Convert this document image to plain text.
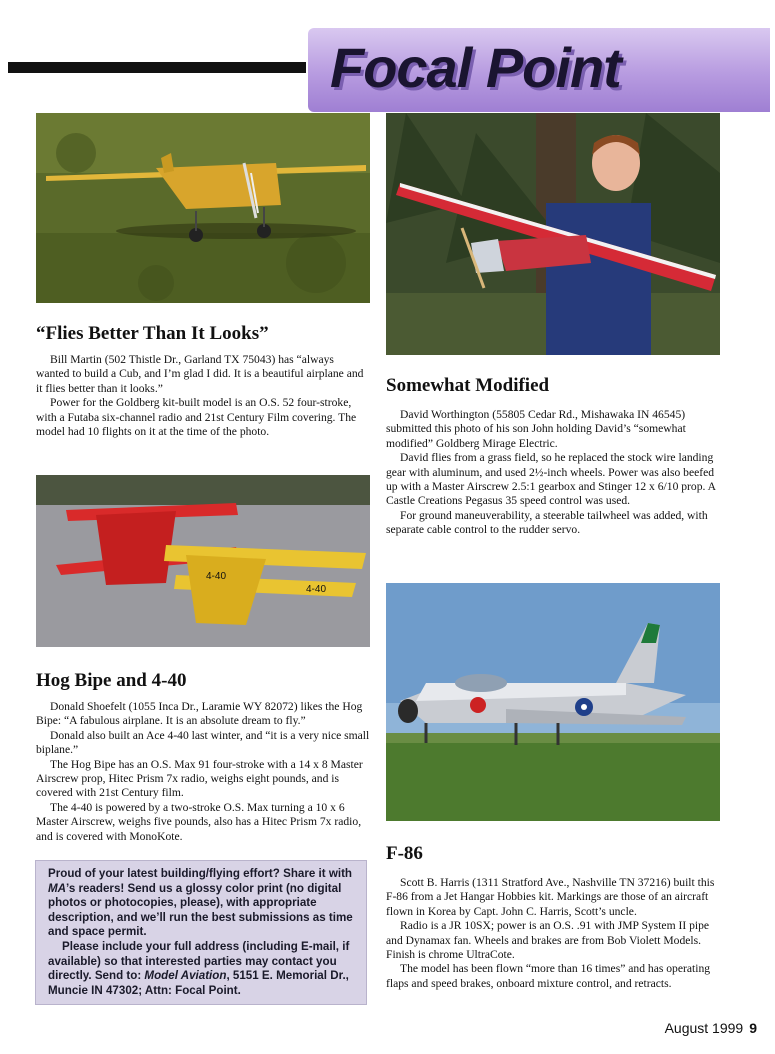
Focal Point
“Flies Better Than It Looks”

Bill Martin (502 Thistle Dr., Garland TX 75043) has “always wanted to build a Cub, and I’m glad I did. It is a beautiful airplane and it flies better than it looks.”

Power for the Goldberg kit-built model is an O.S. 52 four-stroke, with a Futaba six-channel radio and 21st Century Film covering. The model had 10 flights on it at the time of the photo.

Somewhat Modified

David Worthington (55805 Cedar Rd., Mishawaka IN 46545) submitted this photo of his son John holding David’s “somewhat modified” Goldberg Mirage Electric.

David flies from a grass field, so he replaced the stock wire landing gear with aluminum, and used 2½-inch wheels. Power was also beefed up with a Master Airscrew 2.5:1 gearbox and Stinger 12 x 6/10 prop. A Castle Creations Pegasus 35 speed control was used.

For ground maneuverability, a steerable tailwheel was added, with separate cable control to the rudder servo.

4-40
4-40
Hog Bipe and 4-40

Donald Shoefelt (1055 Inca Dr., Laramie WY 82072) likes the Hog Bipe: “A fabulous airplane. It is an absolute dream to fly.”

Donald also built an Ace 4-40 last winter, and “it is a very nice small biplane.”

The Hog Bipe has an O.S. Max 91 four-stroke with a 14 x 8 Master Airscrew prop, Hitec Prism 7x radio, weighs eight pounds, and is covered with 21st Century film.

The 4-40 is powered by a two-stroke O.S. Max turning a 10 x 6 Master Airscrew, weighs five pounds, also has a Hitec Prism 7x radio, and is covered with MonoKote.

F-86

Scott B. Harris (1311 Stratford Ave., Nashville TN 37216) built this F-86 from a Jet Hangar Hobbies kit. Markings are those of an aircraft flown in Korea by Capt. John C. Harris, Scott’s uncle.

Radio is a JR 10SX; power is an O.S. .91 with JMP System II pipe and Dynamax fan. Wheels and brakes are from Bob Violett Models. Finish is chrome UltraCote.

The model has been flown “more than 16 times” and has operating flaps and speed brakes, onboard mixture control, and retracts.

Proud of your latest building/flying effort? Share it with MA’s readers! Send us a glossy color print (no digital photos or photocopies, please), with appropriate description, and we’ll run the best submissions as time and space permit.

Please include your full address (including E-mail, if available) so that interested parties may contact you directly. Send to: Model Aviation, 5151 E. Memorial Dr., Muncie IN 47302; Attn: Focal Point.

August 1999 9
